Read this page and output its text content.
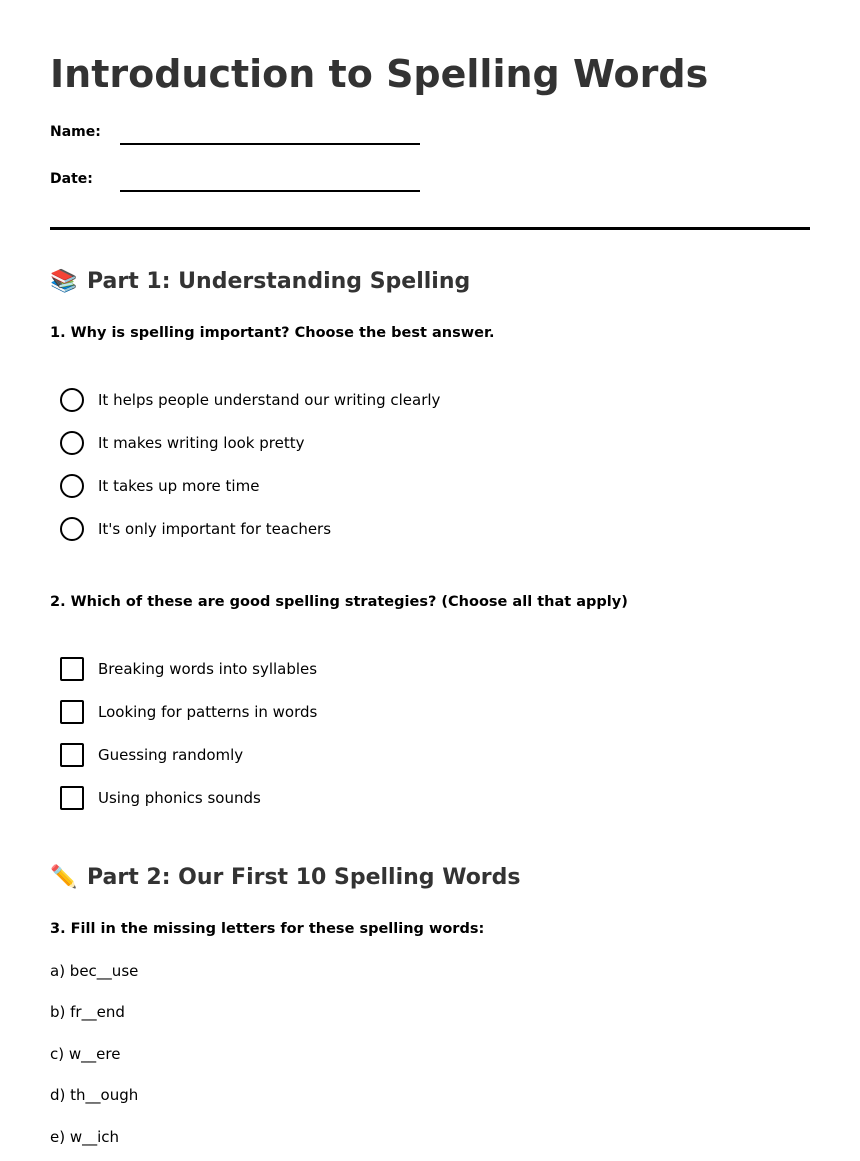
Introduction to Spelling Words
Name:
Date:
📚 Part 1: Understanding Spelling
1. Why is spelling important? Choose the best answer.
It helps people understand our writing clearly
It makes writing look pretty
It takes up more time
It's only important for teachers
2. Which of these are good spelling strategies? (Choose all that apply)
Breaking words into syllables
Looking for patterns in words
Guessing randomly
Using phonics sounds
✏️ Part 2: Our First 10 Spelling Words
3. Fill in the missing letters for these spelling words:
a) bec__use
b) fr__end
c) w__ere
d) th__ough
e) w__ich
